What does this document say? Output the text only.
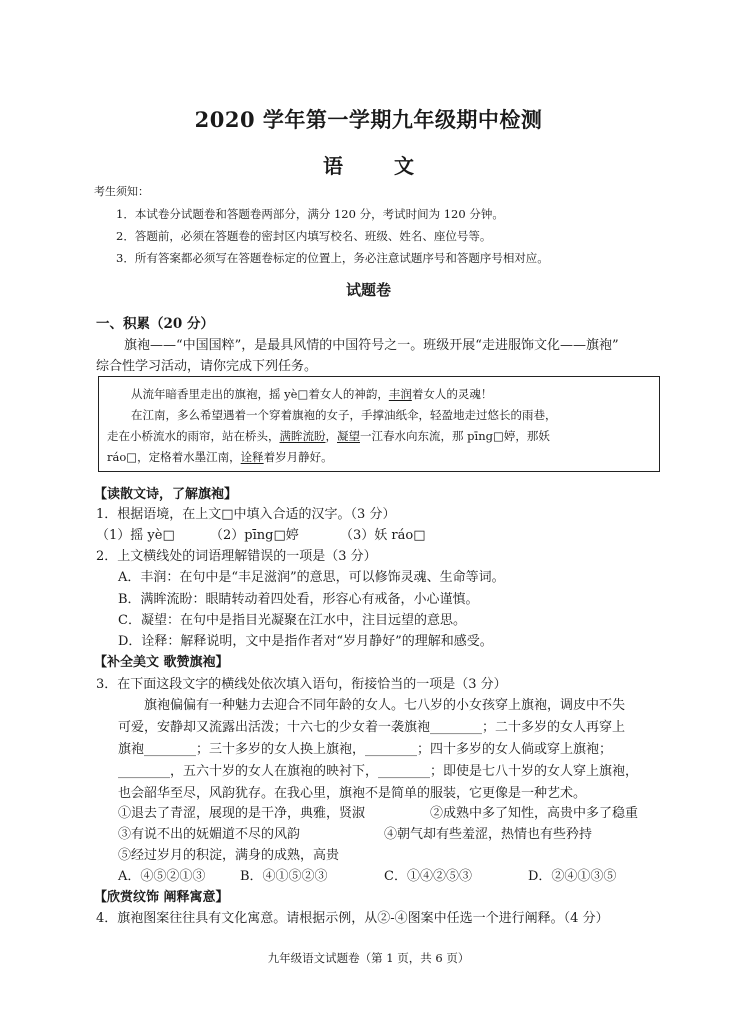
2020 学年第一学期九年级期中检测
语 文
考生须知：
1．本试卷分试题卷和答题卷两部分，满分 120 分，考试时间为 120 分钟。
2．答题前，必须在答题卷的密封区内填写校名、班级、姓名、座位号等。
3．所有答案都必须写在答题卷标定的位置上，务必注意试题序号和答题序号相对应。
试题卷
一、积累（20 分）
旗袍——“中国国粹”，是最具风情的中国符号之一。班级开展“走进服饰文化——旗袍”
综合性学习活动，请你完成下列任务。
从流年暗香里走出的旗袍，摇 yè□着女人的神韵，丰润着女人的灵魂！
在江南，多么希望遇着一个穿着旗袍的女子，手撑油纸伞，轻盈地走过悠长的雨巷，
走在小桥流水的雨帘，站在桥头，满眸流盼，凝望一江春水向东流，那 pīng□婷，那妖
ráo□，定格着水墨江南，诠释着岁月静好。
【读散文诗，了解旗袍】
1．根据语境，在上文□中填入合适的汉字。（3 分）
（1）摇 yè□	（2）pīng□婷	（3）妖 ráo□
2．上文横线处的词语理解错误的一项是（3 分）
A．丰润：在句中是“丰足滋润”的意思，可以修饰灵魂、生命等词。
B．满眸流盼：眼睛转动着四处看，形容心有戒备，小心谨慎。
C．凝望：在句中是指目光凝聚在江水中，注目远望的意思。
D．诠释：解释说明，文中是指作者对“岁月静好”的理解和感受。
【补全美文 歌赞旗袍】
3．在下面这段文字的横线处依次填入语句，衔接恰当的一项是（3 分）
旗袍偏偏有一种魅力去迎合不同年龄的女人。七八岁的小女孩穿上旗袍，调皮中不失
可爱，安静却又流露出活泼；十六七的少女着一袭旗袍________；二十多岁的女人再穿上
旗袍________；三十多岁的女人换上旗袍，________；四十多岁的女人倘或穿上旗袍；
________，五六十岁的女人在旗袍的映衬下，________；即使是七八十岁的女人穿上旗袍，
也会韶华至尽，风韵犹存。在我心里，旗袍不是简单的服装，它更像是一种艺术。
①退去了青涩，展现的是干净，典雅，贤淑	②成熟中多了知性，高贵中多了稳重
③有说不出的妩媚道不尽的风韵	④朝气却有些羞涩，热情也有些矜持
⑤经过岁月的积淀，满身的成熟，高贵
A．④⑤②①③	B．④①⑤②③	C．①④②⑤③	D．②④①③⑤
【欣赏纹饰 阐释寓意】
4．旗袍图案往往具有文化寓意。请根据示例，从②-④图案中任选一个进行阐释。（4 分）
九年级语文试题卷（第 1 页，共 6 页）
